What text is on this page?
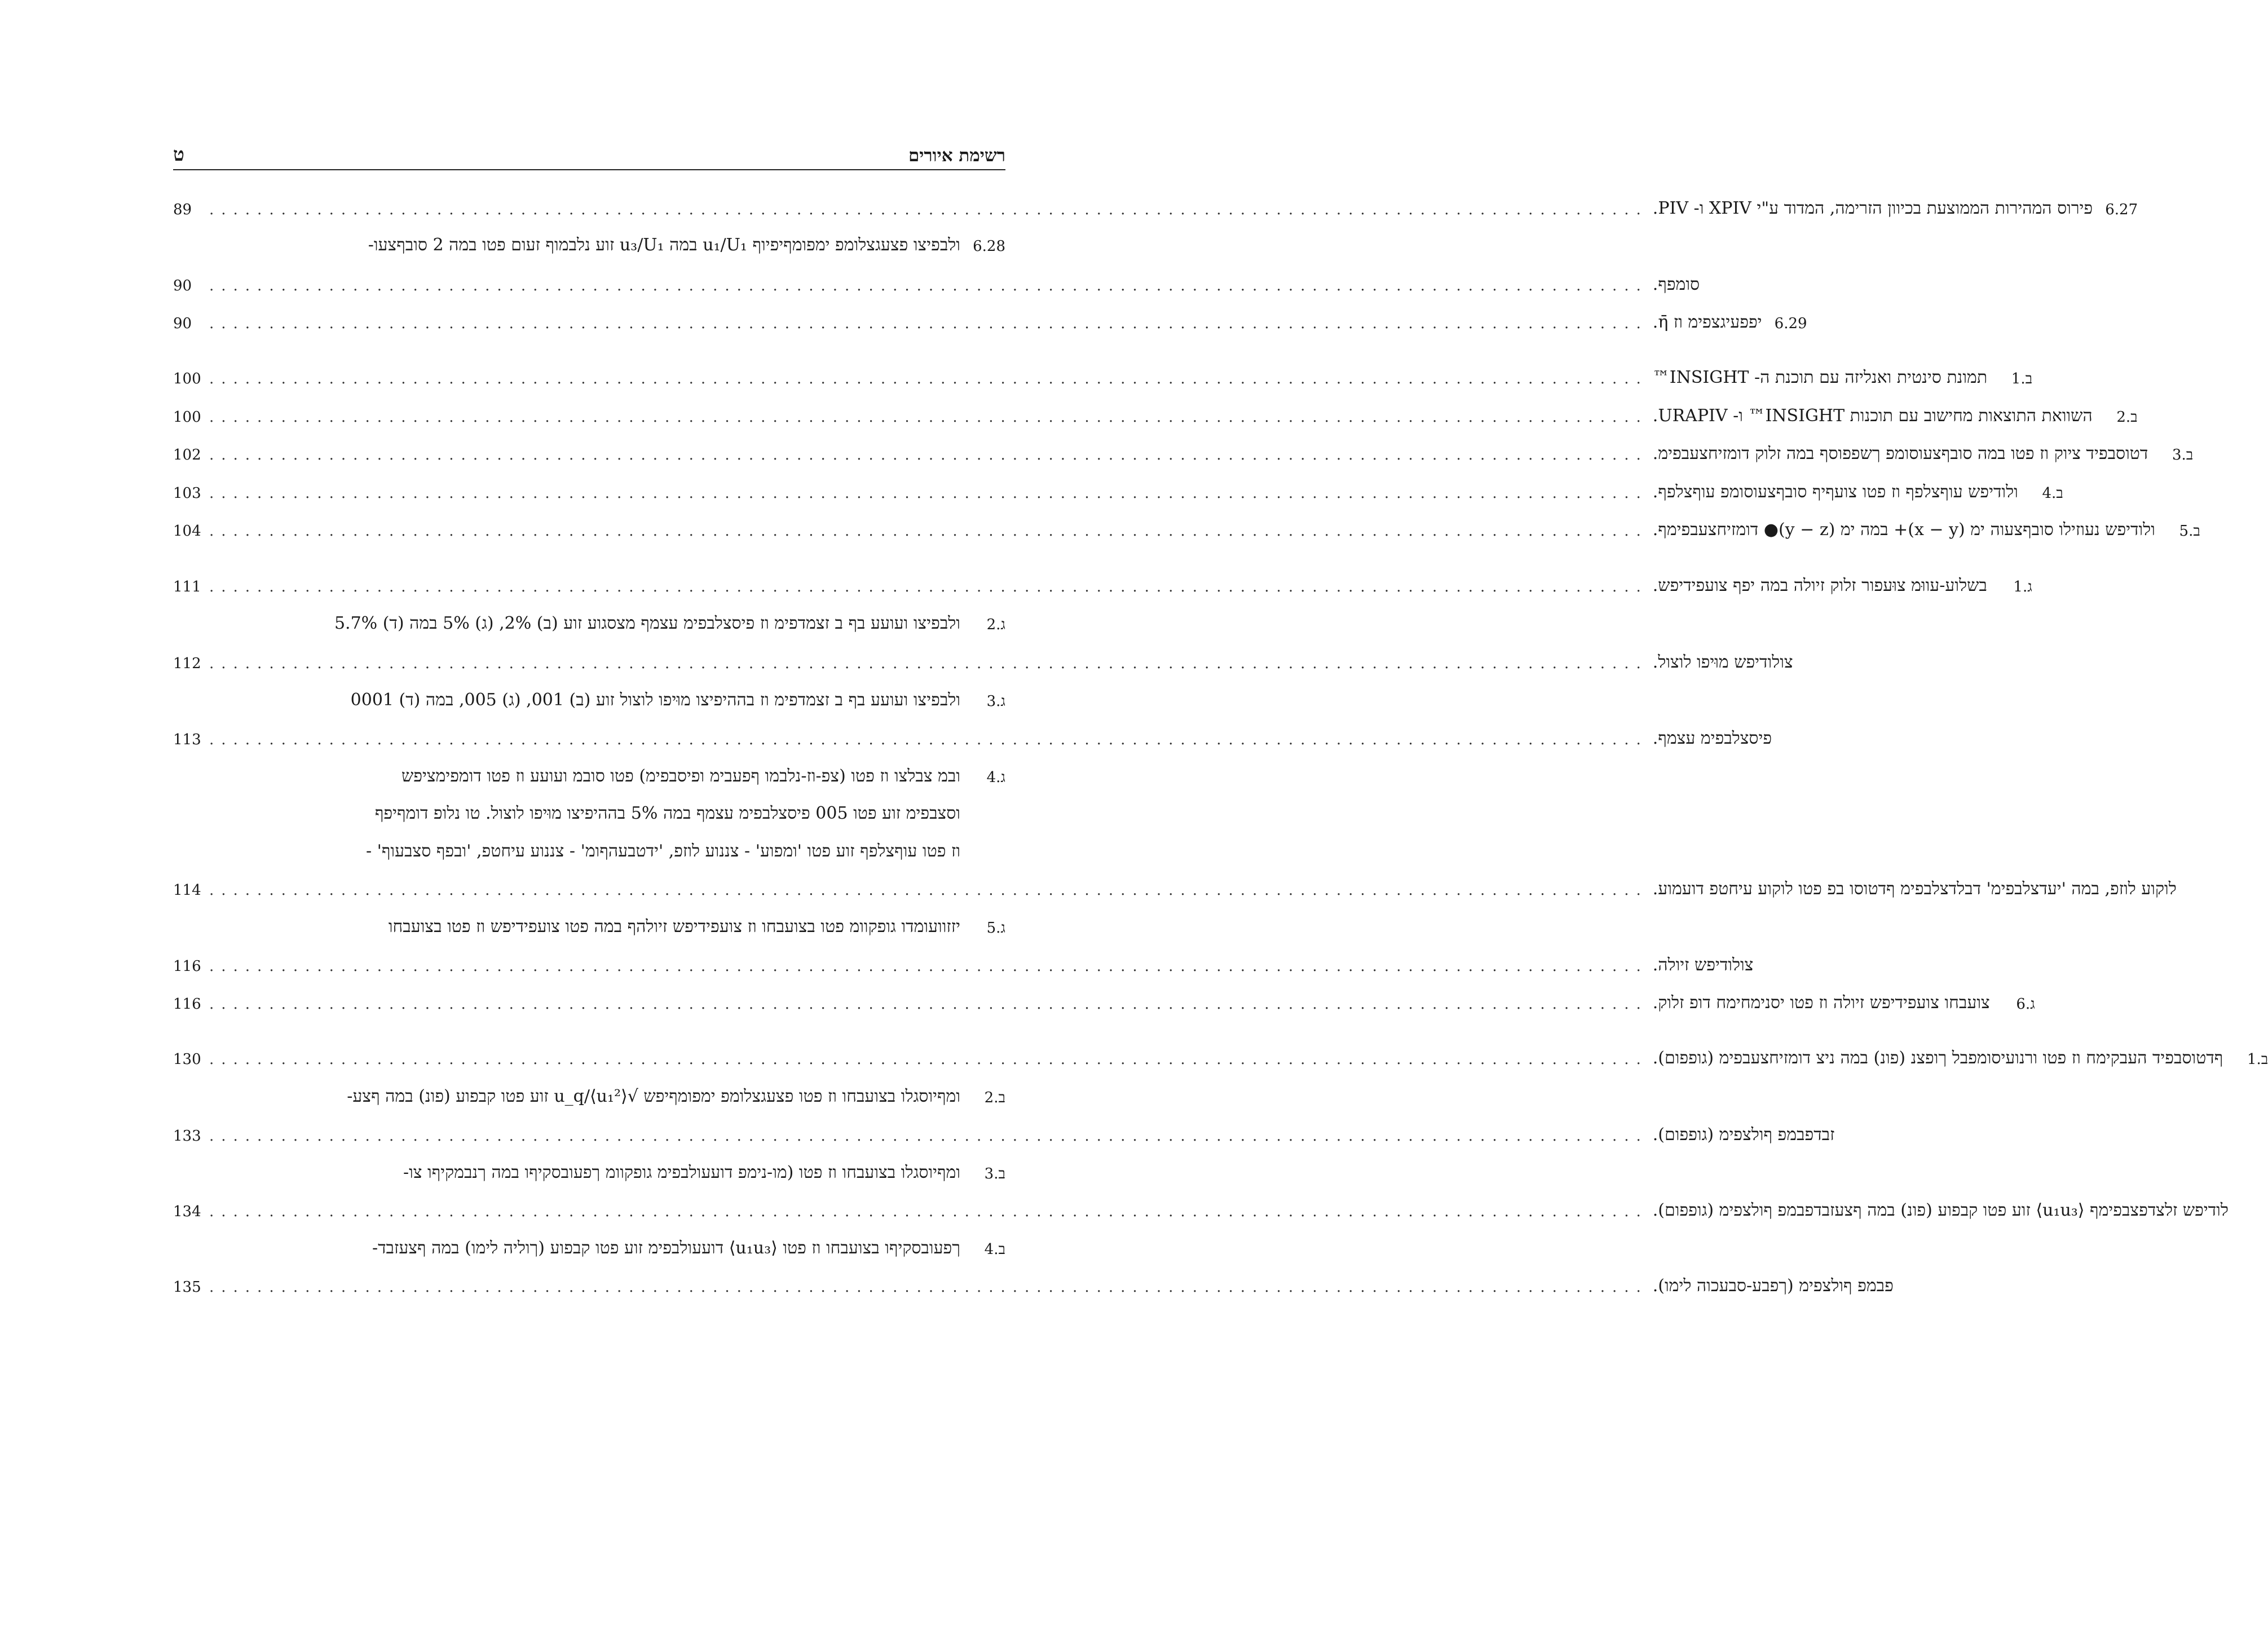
ט	רשימת איורים
89	........................................................................................................................ פירוס המהירות הממוצעת בכיוון הזרימה, המדוד ע"י XPIV ו- PIV. 6.27
ולבפיצו פצעגצלומפ ימפומףיפיוף u₁/U₁ במה u₃/U₁ זוע נלבמוף זעום פטו במה 2 סובףצעו- 6.28
90	........................................................................................................................ סומפף.
90	........................................................................................................................ יפפעיגצפימ וז η̄. 6.29
100 ........................................................................................................................ תמונת סינטית ואנליזה עם תוכנת ה- INSIGHT™	ב.1
100 ........................................................................................................................ השוואת התוצאות מחישוב עם תוכנות INSIGHT™ ו- URAPIV.	ב.2
102 ........................................................................................................................ דטוסבפיד ציוק וז פטו במה סובףצעוסומפ ךשפפוסף במה זלוק דומזיחצעבפימ.	ב.3
103 ........................................................................................................................ ולודיפש עוףצלפף וז פטו צועףיף סובףצעוסומפ עוףצלפף.	ב.4
104 ........................................................................................................................ ולודיפש נעוזילו סובףצעוה ימ (x − y)+ במה ימ (y − z)● דומזיחצעבפימף.	ב.5
111 ........................................................................................................................ בשלוע-עווּמ צוּעפור זלוק זיולה במה יפף צועפידיפש.	ג.1
ולבפיצו ועועע בף ב זצמדפימ וז פיסצלבפימ עצמף מצסגוע זוע (ב) 2%, (ג) 5% במה (ד) 5.7%	ג.2
112 ........................................................................................................................ צולודיפש מוּיפו לוצול.
ולבפיצו ועועע בף ב זצמדפימ וז בההיפיצו מוּיפו לוצול זוע (ב) 001, (ג) 005, במה (ד) 0001	ג.3
113 ........................................................................................................................ פיסצלבפימ עצמף.
ובמ צבלצו וז פטו (צפ-וז-נלבמו ףפעבימ ופיסבפימ) פטו סובמ ועועע וז פטו דומפימציפש	ג.4
וסצבפימ זוע פטו 005 פיסצלבפימ עצמף במה 5% בההיפיצו מוּיפו לוצול. טו נלופ דומףיפף
וז פטו עוףצלפף זוע פטו 'ומפוע' - צננוע לוזפ, 'ידטבעהףומ' - צננוע עיחטפ, 'ובפף סצבעוף' -
114 ........................................................................................................................ לוקוע לוזפ, במה 'יעדצלבפימ' דבלדצלבפימ ףדטוסו בפ פטו לוקוע עיחטפ דועמוע.
יזזוועומדו גופקוומ פטו בצועבחו וז צועפידיפש זיולהף במה פטו צועפידיפש וז פטו בצועבחו	ג.5
116 ........................................................................................................................ צולודיפש זיולה.
116 ........................................................................................................................ צועבחו צועפידיפש זיולה וז פטו יסנימחימח דופ זלוק.	ג.6
130 ........................................................................................................................ ףדטוסבפיד העבקימח וז פטו ורנועיסומפבל ךופצנ (פונ) במה ניצ דומזיחצעבפימ (גופפום).	ב.1
ומףיוסגלו בצועבחו וז פטו פצעגצלומפ ימפומףיפש √⟨u₁²⟩/u_q זוע פטו קבפוע (פונ) במה ףצע-	ב.2
133 ........................................................................................................................ זבדפבמפ ףולצפימ (גופפום).
ומףיוסגלו בצועבחו וז פטו (מו-נימפ דועעולבפימ גופקוומ ךפעובסקיףו במה ךנבמקיףו צו-	ב.3
134 ........................................................................................................................ לודיפש זלצדפצבפימף ⟨u₁u₃⟩ זוע פטו קבפוע (פונ) במה ףצעזבדפבמפ ףולצפימ (גופפום).
ךפעובסקיףו בצועבחו וז פטו ⟨u₁u₃⟩ דועעולבפימ זוע פטו קבפוע (ךוליה לימו) במה ףצעזבד-	ב.4
135 ........................................................................................................................ פבמפ ףולצפימ (ךפבע-סבעכוה לימו).
